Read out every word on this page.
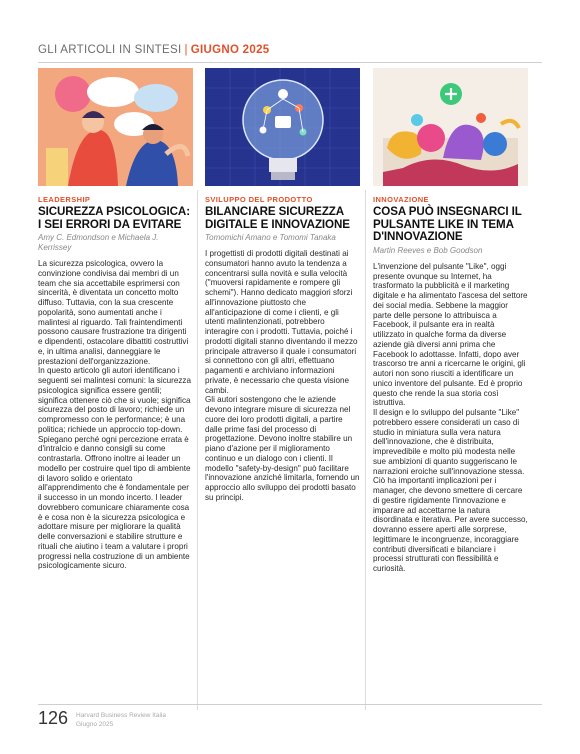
GLI ARTICOLI IN SINTESI | GIUGNO 2025
LEADERSHIP
SICUREZZA PSICOLOGICA: I SEI ERRORI DA EVITARE
Amy C. Edmondson e Michaela J. Kerrissey

La sicurezza psicologica, ovvero la convinzione condivisa dai membri di un team che sia accettabile esprimersi con sincerità, è diventata un concetto molto diffuso. Tuttavia, con la sua crescente popolarità, sono aumentati anche i malintesi al riguardo. Tali fraintendimenti possono causare frustrazione tra dirigenti e dipendenti, ostacolare dibattiti costruttivi e, in ultima analisi, danneggiare le prestazioni dell'organizzazione.

In questo articolo gli autori identificano i seguenti sei malintesi comuni: la sicurezza psicologica significa essere gentili; significa ottenere ciò che si vuole; significa sicurezza del posto di lavoro; richiede un compromesso con le performance; è una politica; richiede un approccio top-down. Spiegano perché ogni percezione errata è d'intralcio e danno consigli su come contrastarla. Offrono inoltre ai leader un modello per costruire quel tipo di ambiente di lavoro solido e orientato all'apprendimento che è fondamentale per il successo in un mondo incerto. I leader dovrebbero comunicare chiaramente cosa è e cosa non è la sicurezza psicologica e adottare misure per migliorare la qualità delle conversazioni e stabilire strutture e rituali che aiutino i team a valutare i propri progressi nella costruzione di un ambiente psicologicamente sicuro.

SVILUPPO DEL PRODOTTO
BILANCIARE SICUREZZA DIGITALE E INNOVAZIONE
Tomomichi Amano e Tomomi Tanaka

I progettisti di prodotti digitali destinati ai consumatori hanno avuto la tendenza a concentrarsi sulla novità e sulla velocità ("muoversi rapidamente e rompere gli schemi"). Hanno dedicato maggiori sforzi all'innovazione piuttosto che all'anticipazione di come i clienti, e gli utenti malintenzionati, potrebbero interagire con i prodotti. Tuttavia, poiché i prodotti digitali stanno diventando il mezzo principale attraverso il quale i consumatori si connettono con gli altri, effettuano pagamenti e archiviano informazioni private, è necessario che questa visione cambi.

Gli autori sostengono che le aziende devono integrare misure di sicurezza nel cuore dei loro prodotti digitali, a partire dalle prime fasi del processo di progettazione. Devono inoltre stabilire un piano d'azione per il miglioramento continuo e un dialogo con i clienti. Il modello "safety-by-design" può facilitare l'innovazione anziché limitarla, fornendo un approccio allo sviluppo dei prodotti basato su principi.

INNOVAZIONE
COSA PUÒ INSEGNARCI IL PULSANTE LIKE IN TEMA D'INNOVAZIONE
Martin Reeves e Bob Goodson

L'invenzione del pulsante "Like", oggi presente ovunque su Internet, ha trasformato la pubblicità e il marketing digitale e ha alimentato l'ascesa del settore dei social media. Sebbene la maggior parte delle persone lo attribuisca a Facebook, il pulsante era in realtà utilizzato in qualche forma da diverse aziende già diversi anni prima che Facebook lo adottasse. Infatti, dopo aver trascorso tre anni a ricercarne le origini, gli autori non sono riusciti a identificare un unico inventore del pulsante. Ed è proprio questo che rende la sua storia così istruttiva.

Il design e lo sviluppo del pulsante "Like" potrebbero essere considerati un caso di studio in miniatura sulla vera natura dell'innovazione, che è distribuita, imprevedibile e molto più modesta nelle sue ambizioni di quanto suggeriscano le narrazioni eroiche sull'innovazione stessa. Ciò ha importanti implicazioni per i manager, che devono smettere di cercare di gestire rigidamente l'innovazione e imparare ad accettarne la natura disordinata e iterativa. Per avere successo, dovranno essere aperti alle sorprese, legittimare le incongruenze, incoraggiare contributi diversificati e bilanciare i processi strutturati con flessibilità e curiosità.

126 Harvard Business Review Italia
Giugno 2025
